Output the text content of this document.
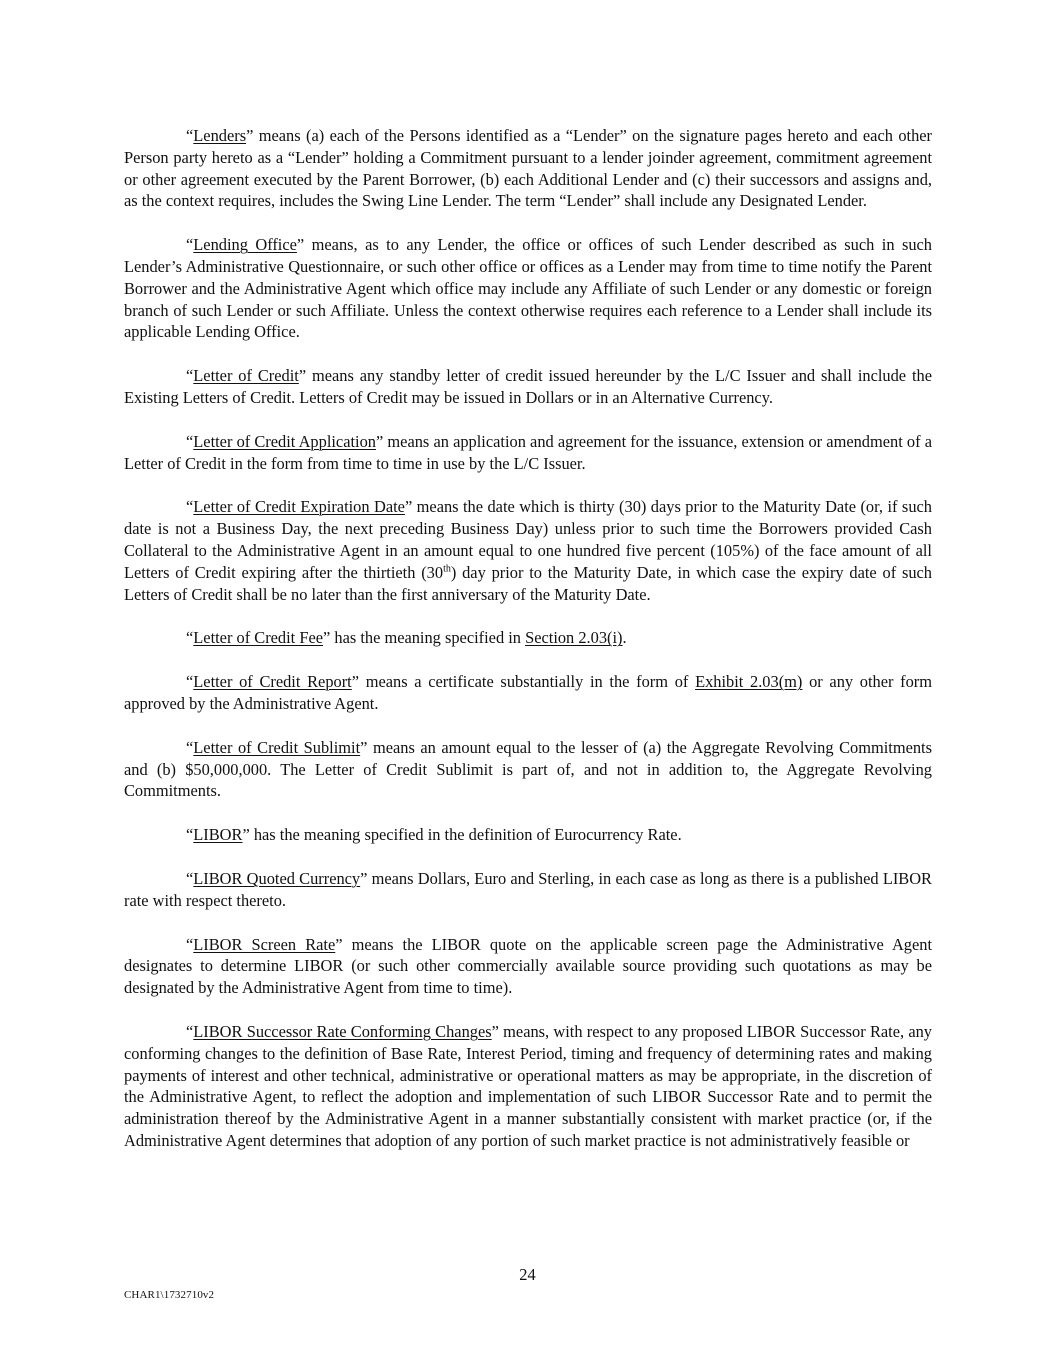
“Lenders” means (a) each of the Persons identified as a “Lender” on the signature pages hereto and each other Person party hereto as a “Lender” holding a Commitment pursuant to a lender joinder agreement, commitment agreement or other agreement executed by the Parent Borrower, (b) each Additional Lender and (c) their successors and assigns and, as the context requires, includes the Swing Line Lender. The term “Lender” shall include any Designated Lender.

“Lending Office” means, as to any Lender, the office or offices of such Lender described as such in such Lender’s Administrative Questionnaire, or such other office or offices as a Lender may from time to time notify the Parent Borrower and the Administrative Agent which office may include any Affiliate of such Lender or any domestic or foreign branch of such Lender or such Affiliate. Unless the context otherwise requires each reference to a Lender shall include its applicable Lending Office.

“Letter of Credit” means any standby letter of credit issued hereunder by the L/C Issuer and shall include the Existing Letters of Credit. Letters of Credit may be issued in Dollars or in an Alternative Currency.

“Letter of Credit Application” means an application and agreement for the issuance, extension or amendment of a Letter of Credit in the form from time to time in use by the L/C Issuer.

“Letter of Credit Expiration Date” means the date which is thirty (30) days prior to the Maturity Date (or, if such date is not a Business Day, the next preceding Business Day) unless prior to such time the Borrowers provided Cash Collateral to the Administrative Agent in an amount equal to one hundred five percent (105%) of the face amount of all Letters of Credit expiring after the thirtieth (30th) day prior to the Maturity Date, in which case the expiry date of such Letters of Credit shall be no later than the first anniversary of the Maturity Date.

“Letter of Credit Fee” has the meaning specified in Section 2.03(i).

“Letter of Credit Report” means a certificate substantially in the form of Exhibit 2.03(m) or any other form approved by the Administrative Agent.

“Letter of Credit Sublimit” means an amount equal to the lesser of (a) the Aggregate Revolving Commitments and (b) $50,000,000. The Letter of Credit Sublimit is part of, and not in addition to, the Aggregate Revolving Commitments.

“LIBOR” has the meaning specified in the definition of Eurocurrency Rate.

“LIBOR Quoted Currency” means Dollars, Euro and Sterling, in each case as long as there is a published LIBOR rate with respect thereto.

“LIBOR Screen Rate” means the LIBOR quote on the applicable screen page the Administrative Agent designates to determine LIBOR (or such other commercially available source providing such quotations as may be designated by the Administrative Agent from time to time).

“LIBOR Successor Rate Conforming Changes” means, with respect to any proposed LIBOR Successor Rate, any conforming changes to the definition of Base Rate, Interest Period, timing and frequency of determining rates and making payments of interest and other technical, administrative or operational matters as may be appropriate, in the discretion of the Administrative Agent, to reflect the adoption and implementation of such LIBOR Successor Rate and to permit the administration thereof by the Administrative Agent in a manner substantially consistent with market practice (or, if the Administrative Agent determines that adoption of any portion of such market practice is not administratively feasible or

24
CHAR1\1732710v2
